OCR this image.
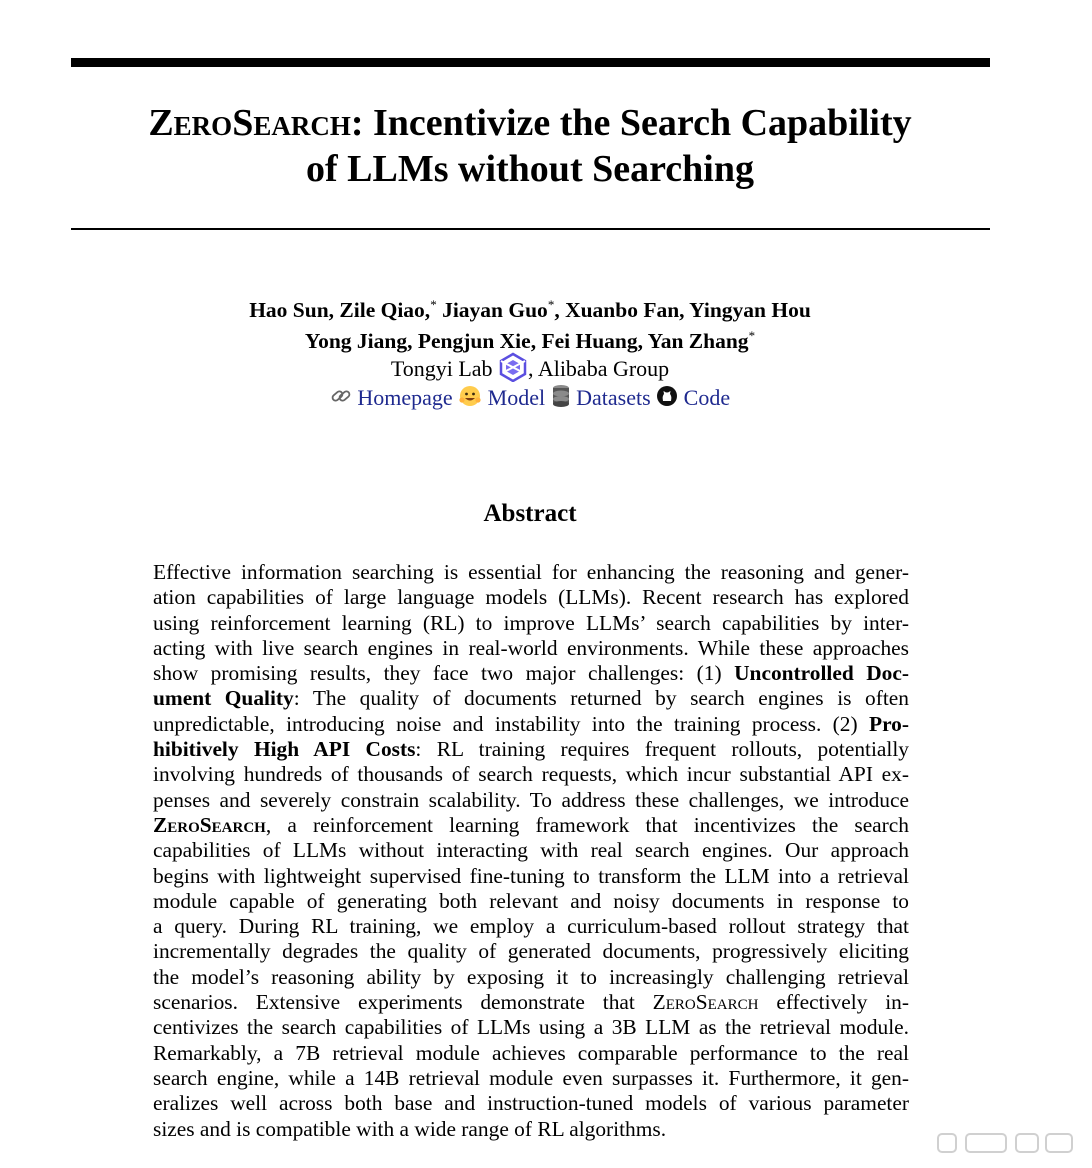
ZeroSearch: Incentivize the Search Capability
of LLMs without Searching
Hao Sun, Zile Qiao,* Jiayan Guo*, Xuanbo Fan, Yingyan Hou
Yong Jiang, Pengjun Xie, Fei Huang, Yan Zhang*
Tongyi Lab , Alibaba Group
Homepage Model Datasets Code
Abstract
Effective information searching is essential for enhancing the reasoning and gener-
ation capabilities of large language models (LLMs). Recent research has explored
using reinforcement learning (RL) to improve LLMs’ search capabilities by inter-
acting with live search engines in real-world environments. While these approaches
show promising results, they face two major challenges: (1) Uncontrolled Doc-
ument Quality: The quality of documents returned by search engines is often
unpredictable, introducing noise and instability into the training process. (2) Pro-
hibitively High API Costs: RL training requires frequent rollouts, potentially
involving hundreds of thousands of search requests, which incur substantial API ex-
penses and severely constrain scalability. To address these challenges, we introduce
ZeroSearch, a reinforcement learning framework that incentivizes the search
capabilities of LLMs without interacting with real search engines. Our approach
begins with lightweight supervised fine-tuning to transform the LLM into a retrieval
module capable of generating both relevant and noisy documents in response to
a query. During RL training, we employ a curriculum-based rollout strategy that
incrementally degrades the quality of generated documents, progressively eliciting
the model’s reasoning ability by exposing it to increasingly challenging retrieval
scenarios. Extensive experiments demonstrate that ZeroSearch effectively in-
centivizes the search capabilities of LLMs using a 3B LLM as the retrieval module.
Remarkably, a 7B retrieval module achieves comparable performance to the real
search engine, while a 14B retrieval module even surpasses it. Furthermore, it gen-
eralizes well across both base and instruction-tuned models of various parameter
sizes and is compatible with a wide range of RL algorithms.
